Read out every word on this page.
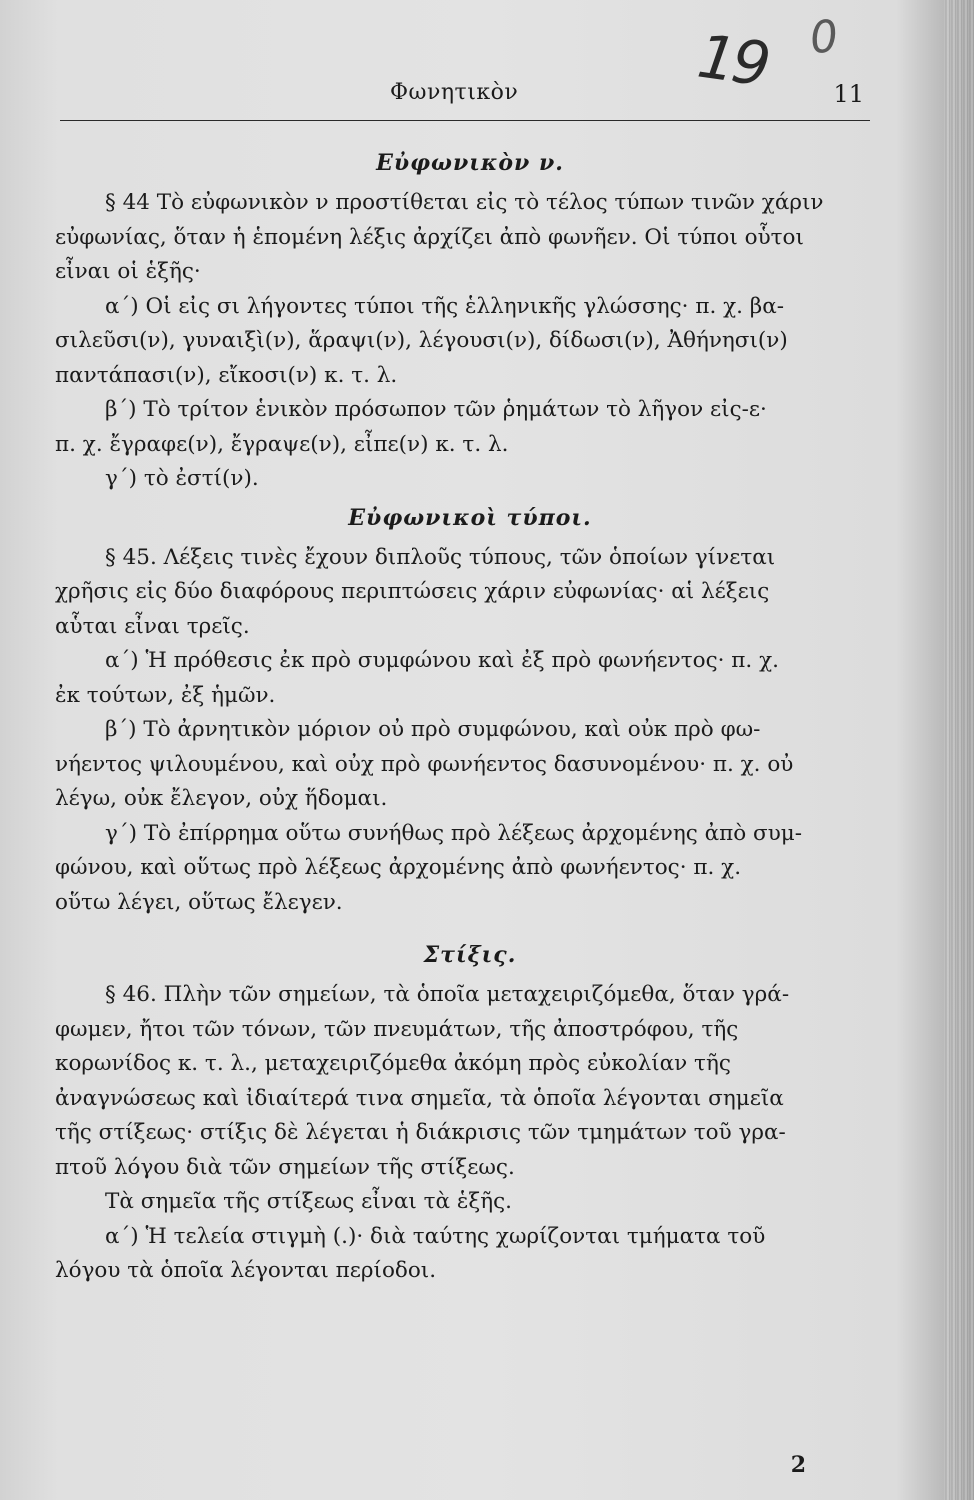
Φωνητικὸν	19 0
11
Εὐφωνικὸν ν.
§ 44 Τὸ εὐφωνικὸν ν προστίθεται εἰς τὸ τέλος τύπων τινῶν χάριν
εὐφωνίας, ὅταν ἡ ἑπομένη λέξις ἀρχίζει ἀπὸ φωνῆεν. Οἱ τύποι οὗτοι
εἶναι οἱ ἑξῆς·
α´) Οἱ εἰς σι λήγοντες τύποι τῆς ἑλληνικῆς γλώσσης· π. χ. βα-
σιλεῦσι(ν), γυναιξὶ(ν), ἅραψι(ν), λέγουσι(ν), δίδωσι(ν), Ἀθήνησι(ν)
παντάπασι(ν), εἴκοσι(ν) κ. τ. λ.
β´) Τὸ τρίτον ἑνικὸν πρόσωπον τῶν ῥημάτων τὸ λῆγον εἰς-ε·
π. χ. ἔγραφε(ν), ἔγραψε(ν), εἶπε(ν) κ. τ. λ.
γ´) τὸ ἐστί(ν).
Εὐφωνικοὶ τύποι.
§ 45. Λέξεις τινὲς ἔχουν διπλοῦς τύπους, τῶν ὁποίων γίνεται
χρῆσις εἰς δύο διαφόρους περιπτώσεις χάριν εὐφωνίας· αἱ λέξεις
αὗται εἶναι τρεῖς.
α´) Ἡ πρόθεσις ἐκ πρὸ συμφώνου καὶ ἐξ πρὸ φωνήεντος· π. χ.
ἐκ τούτων, ἐξ ἡμῶν.
β´) Τὸ ἀρνητικὸν μόριον οὐ πρὸ συμφώνου, καὶ οὐκ πρὸ φω-
νήεντος ψιλουμένου, καὶ οὐχ πρὸ φωνήεντος δασυνομένου· π. χ. οὐ
λέγω, οὐκ ἔλεγον, οὐχ ἥδομαι.
γ´) Τὸ ἐπίρρημα οὕτω συνήθως πρὸ λέξεως ἀρχομένης ἀπὸ συμ-
φώνου, καὶ οὕτως πρὸ λέξεως ἀρχομένης ἀπὸ φωνήεντος· π. χ.
οὕτω λέγει, οὕτως ἔλεγεν.
Στίξις.
§ 46. Πλὴν τῶν σημείων, τὰ ὁποῖα μεταχειριζόμεθα, ὅταν γρά-
φωμεν, ἤτοι τῶν τόνων, τῶν πνευμάτων, τῆς ἀποστρόφου, τῆς
κορωνίδος κ. τ. λ., μεταχειριζόμεθα ἀκόμη πρὸς εὐκολίαν τῆς
ἀναγνώσεως καὶ ἰδιαίτερά τινα σημεῖα, τὰ ὁποῖα λέγονται σημεῖα
τῆς στίξεως· στίξις δὲ λέγεται ἡ διάκρισις τῶν τμημάτων τοῦ γρα-
πτοῦ λόγου διὰ τῶν σημείων τῆς στίξεως.
Τὰ σημεῖα τῆς στίξεως εἶναι τὰ ἑξῆς.
α´) Ἡ τελεία στιγμὴ (.)· διὰ ταύτης χωρίζονται τμήματα τοῦ
λόγου τὰ ὁποῖα λέγονται περίοδοι.
2
